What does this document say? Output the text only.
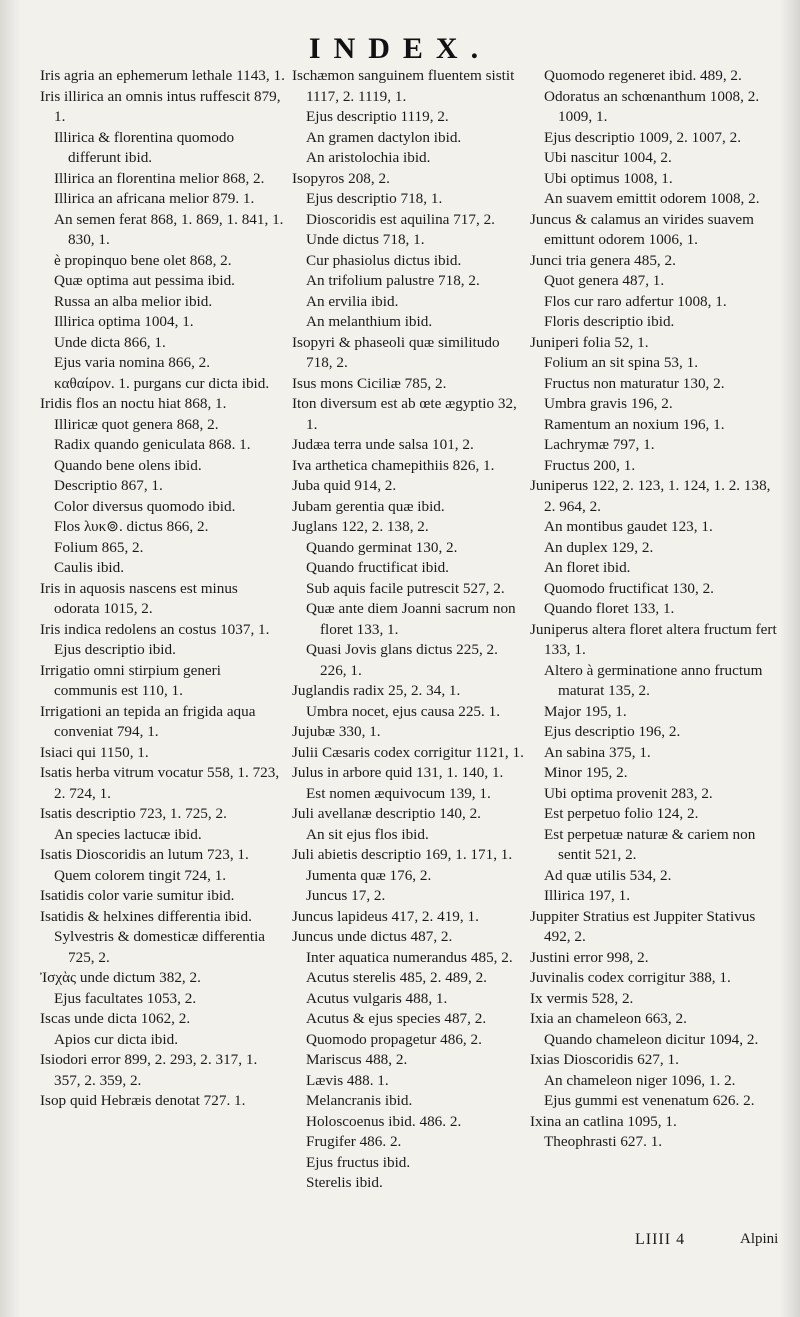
INDEX.

Iris agria an ephemerum lethale 1143, 1.

Iris illirica an omnis intus ruffescit 879, 1.

Illirica & florentina quomodo differunt ibid.

Illirica an florentina melior 868, 2.

Illirica an africana melior 879. 1.

An semen ferat 868, 1. 869, 1. 841, 1. 830, 1.

è propinquo bene olet 868, 2.

Quæ optima aut pessima ibid.

Russa an alba melior ibid.

Illirica optima 1004, 1.

Unde dicta 866, 1.

Ejus varia nomina 866, 2.

καθαίρον. 1. purgans cur dicta ibid.

Iridis flos an noctu hiat 868, 1.

Illiricæ quot genera 868, 2.

Radix quando geniculata 868. 1.

Quando bene olens ibid.

Descriptio 867, 1.

Color diversus quomodo ibid.

Flos λυκ⊚. dictus 866, 2.

Folium 865, 2.

Caulis ibid.

Iris in aquosis nascens est minus odorata 1015, 2.

Iris indica redolens an costus 1037, 1.

Ejus descriptio ibid.

Irrigatio omni stirpium generi communis est 110, 1.

Irrigationi an tepida an frigida aqua conveniat 794, 1.

Isiaci qui 1150, 1.

Isatis herba vitrum vocatur 558, 1. 723, 2. 724, 1.

Isatis descriptio 723, 1. 725, 2.

An species lactucæ ibid.

Isatis Dioscoridis an lutum 723, 1.

Quem colorem tingit 724, 1.

Isatidis color varie sumitur ibid.

Isatidis & helxines differentia ibid.

Sylvestris & domesticæ differentia 725, 2.

Ἰσχὰς unde dictum 382, 2.

Ejus facultates 1053, 2.

Iscas unde dicta 1062, 2.

Apios cur dicta ibid.

Isiodori error 899, 2. 293, 2. 317, 1. 357, 2. 359, 2.

Isop quid Hebræis denotat 727. 1.

Ischæmon sanguinem fluentem sistit 1117, 2. 1119, 1.

Ejus descriptio 1119, 2.

An gramen dactylon ibid.

An aristolochia ibid.

Isopyros 208, 2.

Ejus descriptio 718, 1.

Dioscoridis est aquilina 717, 2.

Unde dictus 718, 1.

Cur phasiolus dictus ibid.

An trifolium palustre 718, 2.

An ervilia ibid.

An melanthium ibid.

Isopyri & phaseoli quæ similitudo 718, 2.

Isus mons Ciciliæ 785, 2.

Iton diversum est ab œte ægyptio 32, 1.

Judæa terra unde salsa 101, 2.

Iva arthetica chamepithiis 826, 1.

Juba quid 914, 2.

Jubam gerentia quæ ibid.

Juglans 122, 2. 138, 2.

Quando germinat 130, 2.

Quando fructificat ibid.

Sub aquis facile putrescit 527, 2.

Quæ ante diem Joanni sacrum non floret 133, 1.

Quasi Jovis glans dictus 225, 2. 226, 1.

Juglandis radix 25, 2. 34, 1.

Umbra nocet, ejus causa 225. 1.

Jujubæ 330, 1.

Julii Cæsaris codex corrigitur 1121, 1.

Julus in arbore quid 131, 1. 140, 1.

Est nomen æquivocum 139, 1.

Juli avellanæ descriptio 140, 2.

An sit ejus flos ibid.

Juli abietis descriptio 169, 1. 171, 1.

Jumenta quæ 176, 2.

Juncus 17, 2.

Juncus lapideus 417, 2. 419, 1.

Juncus unde dictus 487, 2.

Inter aquatica numerandus 485, 2.

Acutus sterelis 485, 2. 489, 2.

Acutus vulgaris 488, 1.

Acutus & ejus species 487, 2.

Quomodo propagetur 486, 2.

Mariscus 488, 2.

Lævis 488. 1.

Melancranis ibid.

Holoscoenus ibid. 486. 2.

Frugifer 486. 2.

Ejus fructus ibid.

Sterelis ibid.

Quomodo regeneret ibid. 489, 2.

Odoratus an schœnanthum 1008, 2. 1009, 1.

Ejus descriptio 1009, 2. 1007, 2.

Ubi nascitur 1004, 2.

Ubi optimus 1008, 1.

An suavem emittit odorem 1008, 2.

Juncus & calamus an virides suavem emittunt odorem 1006, 1.

Junci tria genera 485, 2.

Quot genera 487, 1.

Flos cur raro adfertur 1008, 1.

Floris descriptio ibid.

Juniperi folia 52, 1.

Folium an sit spina 53, 1.

Fructus non maturatur 130, 2.

Umbra gravis 196, 2.

Ramentum an noxium 196, 1.

Lachrymæ 797, 1.

Fructus 200, 1.

Juniperus 122, 2. 123, 1. 124, 1. 2. 138, 2. 964, 2.

An montibus gaudet 123, 1.

An duplex 129, 2.

An floret ibid.

Quomodo fructificat 130, 2.

Quando floret 133, 1.

Juniperus altera floret altera fructum fert 133, 1.

Altero à germinatione anno fructum maturat 135, 2.

Major 195, 1.

Ejus descriptio 196, 2.

An sabina 375, 1.

Minor 195, 2.

Ubi optima provenit 283, 2.

Est perpetuo folio 124, 2.

Est perpetuæ naturæ & cariem non sentit 521, 2.

Ad quæ utilis 534, 2.

Illirica 197, 1.

Juppiter Stratius est Juppiter Stativus 492, 2.

Justini error 998, 2.

Juvinalis codex corrigitur 388, 1.

Ix vermis 528, 2.

Ixia an chameleon 663, 2.

Quando chameleon dicitur 1094, 2.

Ixias Dioscoridis 627, 1.

An chameleon niger 1096, 1. 2.

Ejus gummi est venenatum 626. 2.

Ixina an catlina 1095, 1.

Theophrasti 627. 1.

LIIII 4	Alpini
